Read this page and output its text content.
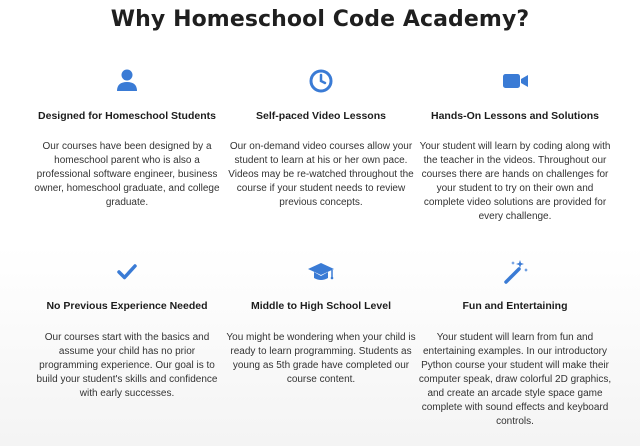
Why Homeschool Code Academy?
Designed for Homeschool Students
Our courses have been designed by a homeschool parent who is also a professional software engineer, business owner, homeschool graduate, and college graduate.
Self-paced Video Lessons
Our on-demand video courses allow your student to learn at his or her own pace. Videos may be re-watched throughout the course if your student needs to review previous concepts.
Hands-On Lessons and Solutions
Your student will learn by coding along with the teacher in the videos. Throughout our courses there are hands on challenges for your student to try on their own and complete video solutions are provided for every challenge.
No Previous Experience Needed
Our courses start with the basics and assume your child has no prior programming experience. Our goal is to build your student's skills and confidence with early successes.
Middle to High School Level
You might be wondering when your child is ready to learn programming. Students as young as 5th grade have completed our course content.
Fun and Entertaining
Your student will learn from fun and entertaining examples. In our introductory Python course your student will make their computer speak, draw colorful 2D graphics, and create an arcade style space game complete with sound effects and keyboard controls.
